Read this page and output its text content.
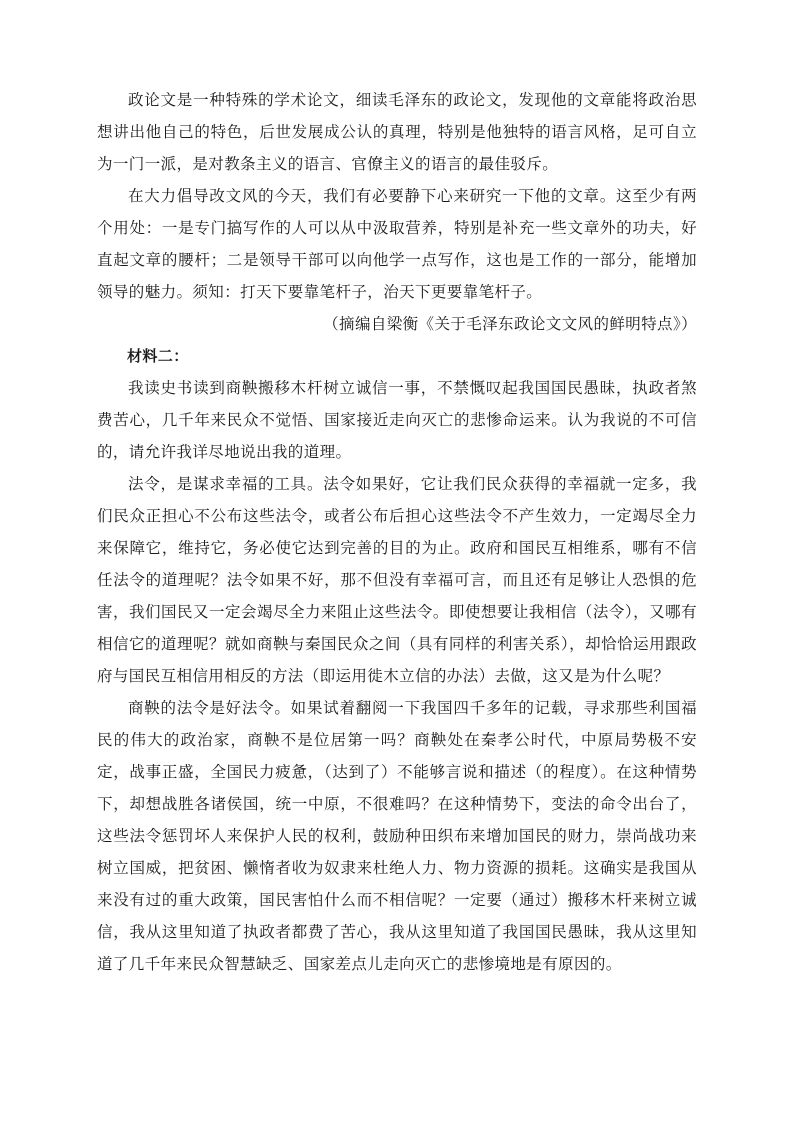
政论文是一种特殊的学术论文，细读毛泽东的政论文，发现他的文章能将政治思想讲出他自己的特色，后世发展成公认的真理，特别是他独特的语言风格，足可自立为一门一派，是对教条主义的语言、官僚主义的语言的最佳驳斥。

在大力倡导改文风的今天，我们有必要静下心来研究一下他的文章。这至少有两个用处：一是专门搞写作的人可以从中汲取营养，特别是补充一些文章外的功夫，好直起文章的腰杆；二是领导干部可以向他学一点写作，这也是工作的一部分，能增加领导的魅力。须知：打天下要靠笔杆子，治天下更要靠笔杆子。

（摘编自梁衡《关于毛泽东政论文文风的鲜明特点》）

材料二：

我读史书读到商鞅搬移木杆树立诚信一事，不禁慨叹起我国国民愚昧，执政者煞费苦心，几千年来民众不觉悟、国家接近走向灭亡的悲惨命运来。认为我说的不可信的，请允许我详尽地说出我的道理。

法令，是谋求幸福的工具。法令如果好，它让我们民众获得的幸福就一定多，我们民众正担心不公布这些法令，或者公布后担心这些法令不产生效力，一定竭尽全力来保障它，维持它，务必使它达到完善的目的为止。政府和国民互相维系，哪有不信任法令的道理呢？法令如果不好，那不但没有幸福可言，而且还有足够让人恐惧的危害，我们国民又一定会竭尽全力来阻止这些法令。即使想要让我相信（法令），又哪有相信它的道理呢？就如商鞅与秦国民众之间（具有同样的利害关系），却恰恰运用跟政府与国民互相信用相反的方法（即运用徙木立信的办法）去做，这又是为什么呢？

商鞅的法令是好法令。如果试着翻阅一下我国四千多年的记载，寻求那些利国福民的伟大的政治家，商鞅不是位居第一吗？商鞅处在秦孝公时代，中原局势极不安定，战事正盛，全国民力疲惫，（达到了）不能够言说和描述（的程度）。在这种情势下，却想战胜各诸侯国，统一中原，不很难吗？在这种情势下，变法的命令出台了，这些法令惩罚坏人来保护人民的权利，鼓励种田织布来增加国民的财力，崇尚战功来树立国威，把贫困、懒惰者收为奴隶来杜绝人力、物力资源的损耗。这确实是我国从来没有过的重大政策，国民害怕什么而不相信呢？一定要（通过）搬移木杆来树立诚信，我从这里知道了执政者都费了苦心，我从这里知道了我国国民愚昧，我从这里知道了几千年来民众智慧缺乏、国家差点儿走向灭亡的悲惨境地是有原因的。
